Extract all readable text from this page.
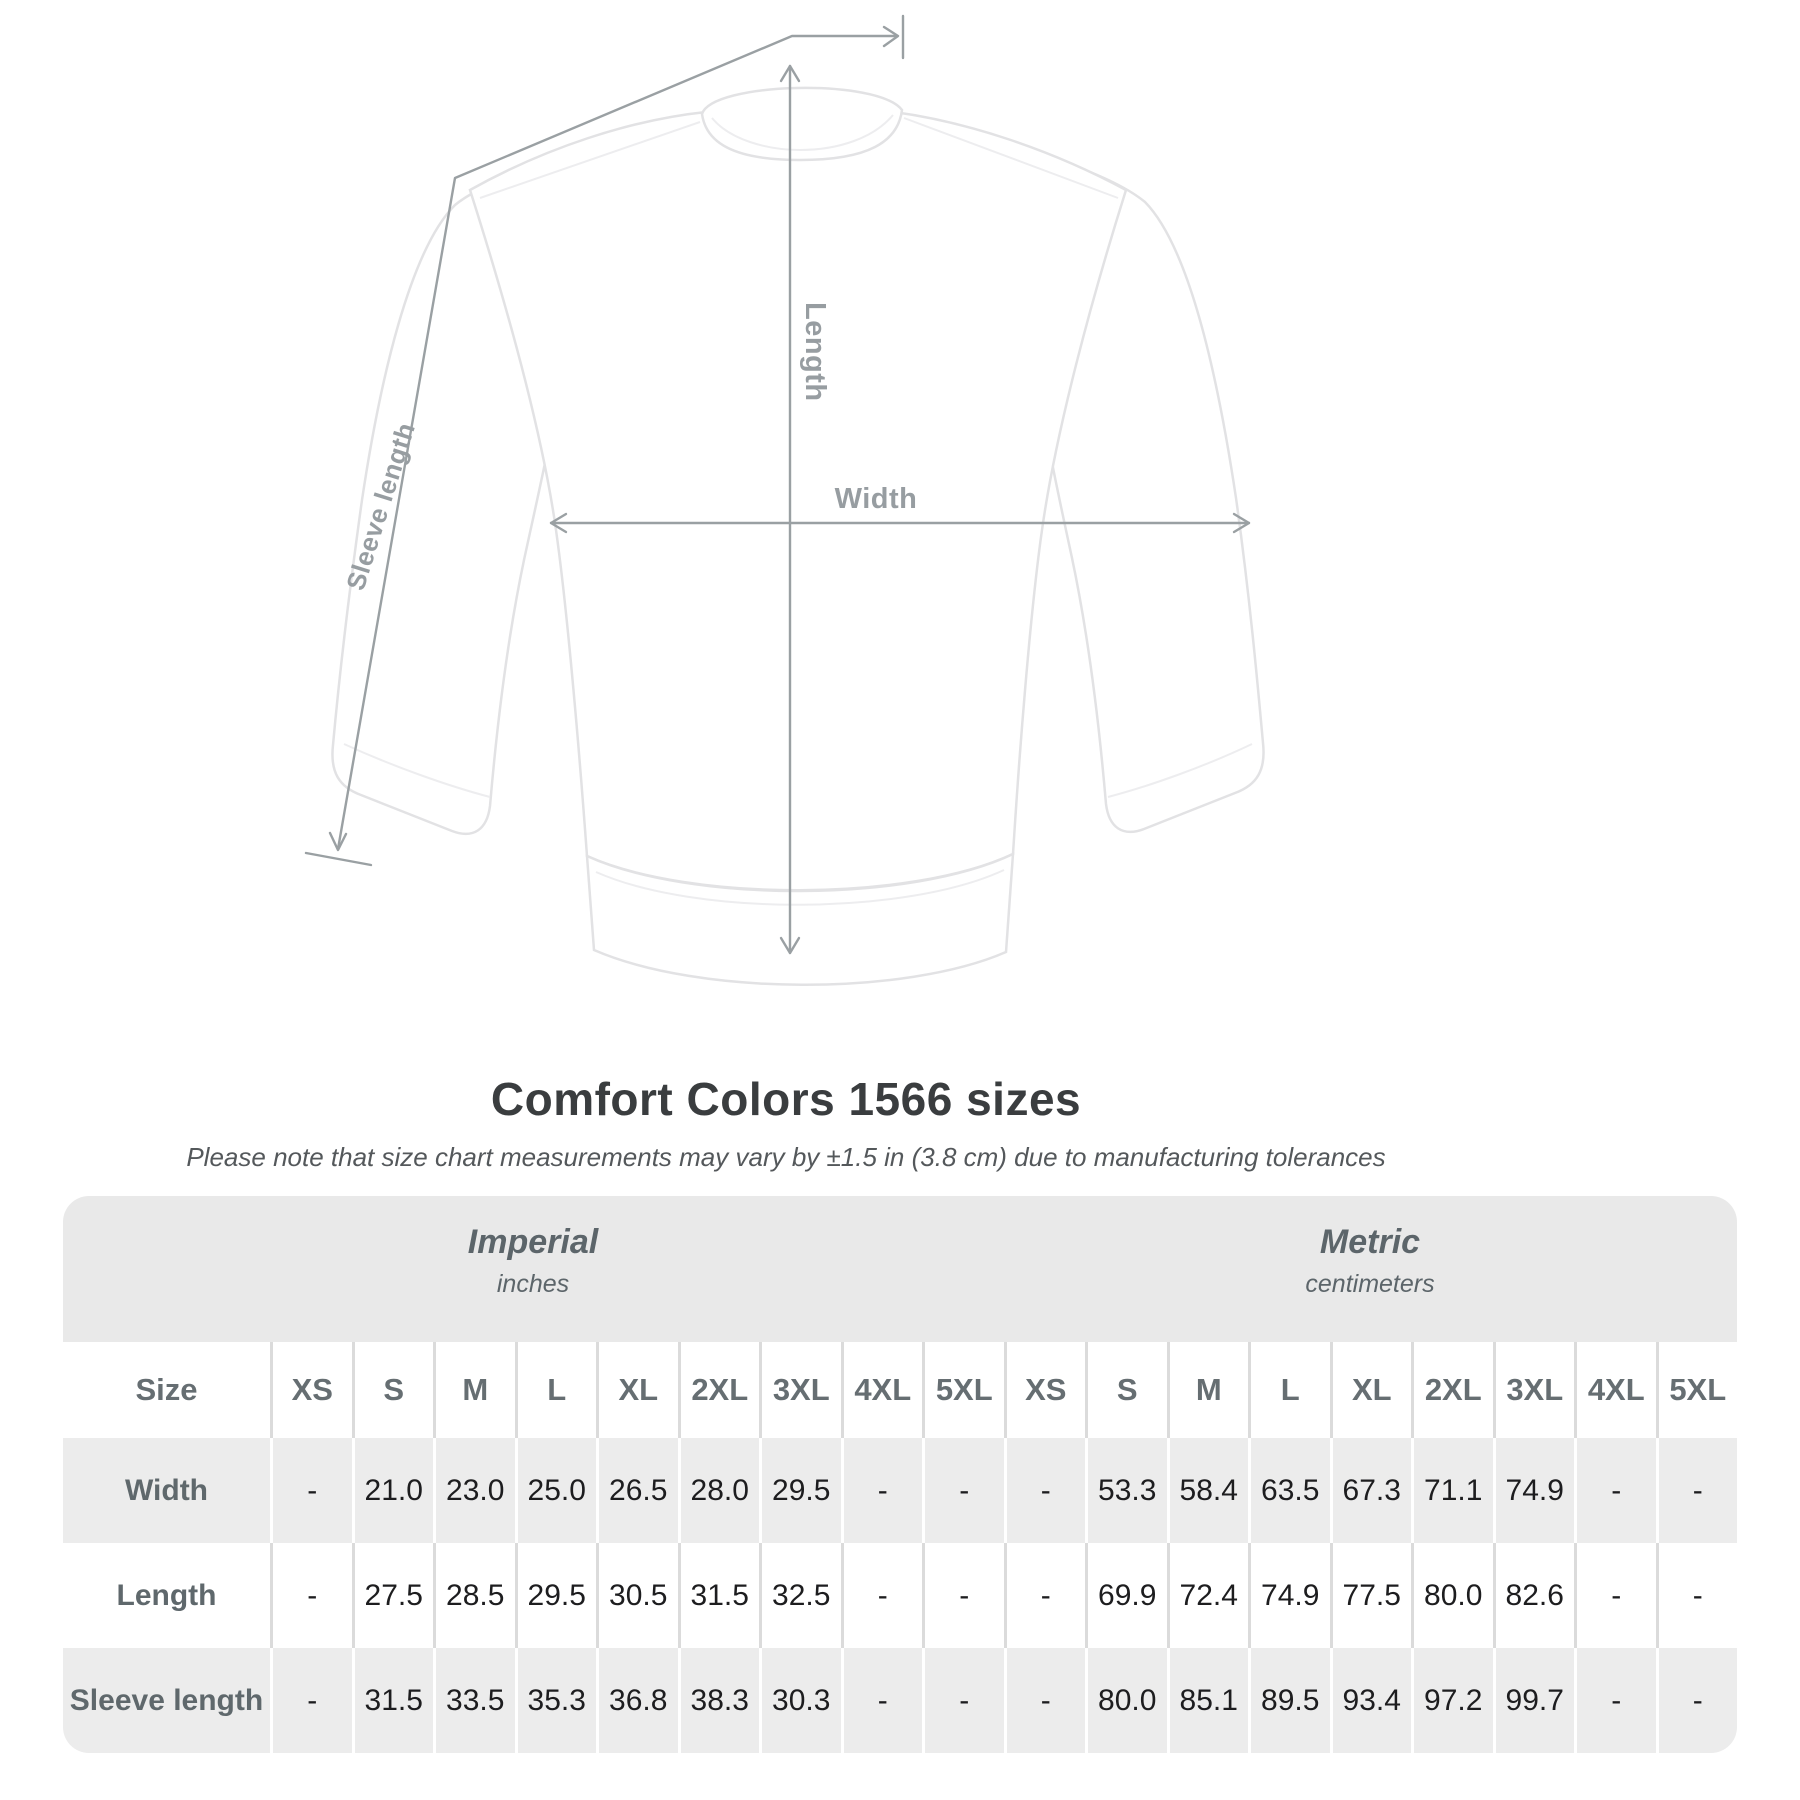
Length
Width
Sleeve length
Comfort Colors 1566 sizes
Please note that size chart measurements may vary by ±1.5 in (3.8 cm) due to manufacturing tolerances
Imperial
inches
Metric
centimeters
Size	XS	S	M	L	XL	2XL 3XL 4XL 5XL	XS	S	M	L	XL	2XL 3XL 4XL 5XL
Width	-	21.0 23.0 25.0 26.5 28.0 29.5	-	-	-	53.3 58.4 63.5 67.3 71.1 74.9	-	-
Length	-	27.5 28.5 29.5 30.5 31.5 32.5	-	-	-	69.9 72.4 74.9 77.5 80.0 82.6	-	-
Sleeve length	-	31.5 33.5 35.3 36.8 38.3 30.3	-	-	-	80.0 85.1 89.5 93.4 97.2 99.7	-	-
